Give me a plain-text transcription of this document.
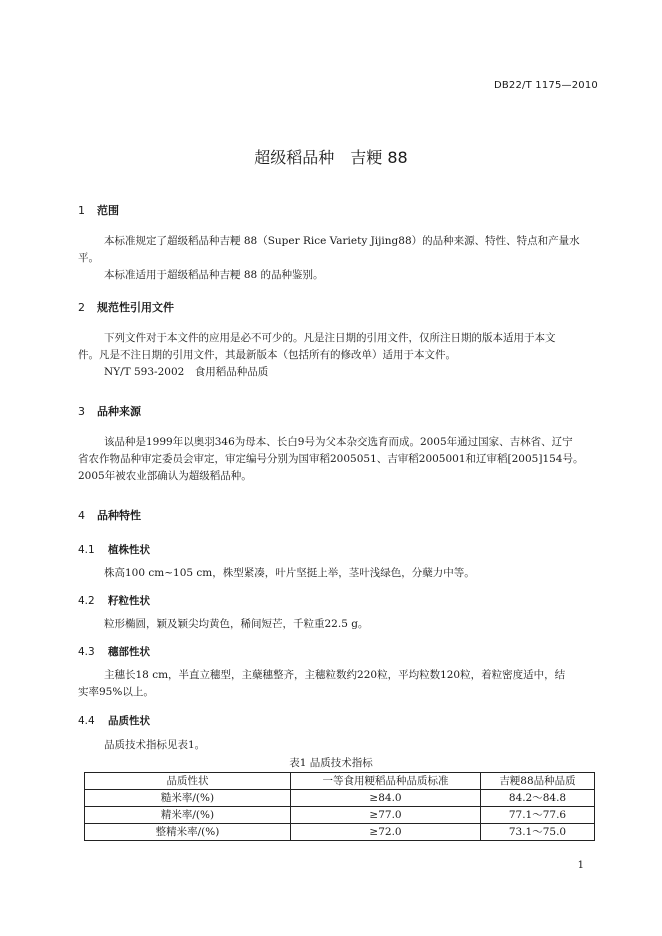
DB22/T 1175—2010
超级稻品种　吉粳 88
1 范围
本标准规定了超级稻品种吉粳 88（Super Rice Variety Jijing88）的品种来源、特性、特点和产量水
平。
本标准适用于超级稻品种吉粳 88 的品种鉴别。
2 规范性引用文件
下列文件对于本文件的应用是必不可少的。凡是注日期的引用文件，仅所注日期的版本适用于本文
件。凡是不注日期的引用文件，其最新版本（包括所有的修改单）适用于本文件。
NY/T 593-2002　食用稻品种品质
3 品种来源
该品种是1999年以奥羽346为母本、长白9号为父本杂交选育而成。2005年通过国家、吉林省、辽宁
省农作物品种审定委员会审定，审定编号分别为国审稻2005051、吉审稻2005001和辽审稻[2005]154号。
2005年被农业部确认为超级稻品种。
4 品种特性
4.1 植株性状
株高100 cm~105 cm，株型紧凑，叶片坚挺上举，茎叶浅绿色，分蘖力中等。
4.2 籽粒性状
粒形椭圆，颖及颖尖均黄色，稀间短芒，千粒重22.5 g。
4.3 穗部性状
主穗长18 cm，半直立穗型，主蘖穗整齐，主穗粒数约220粒，平均粒数120粒，着粒密度适中，结
实率95%以上。
4.4 品质性状
品质技术指标见表1。
表1 品质技术指标
品质性状	一等食用粳稻品种品质标准	吉粳88品种品质
糙米率/(%)	≥84.0	84.2～84.8
精米率/(%)	≥77.0	77.1～77.6
整精米率/(%)	≥72.0	73.1～75.0
1
